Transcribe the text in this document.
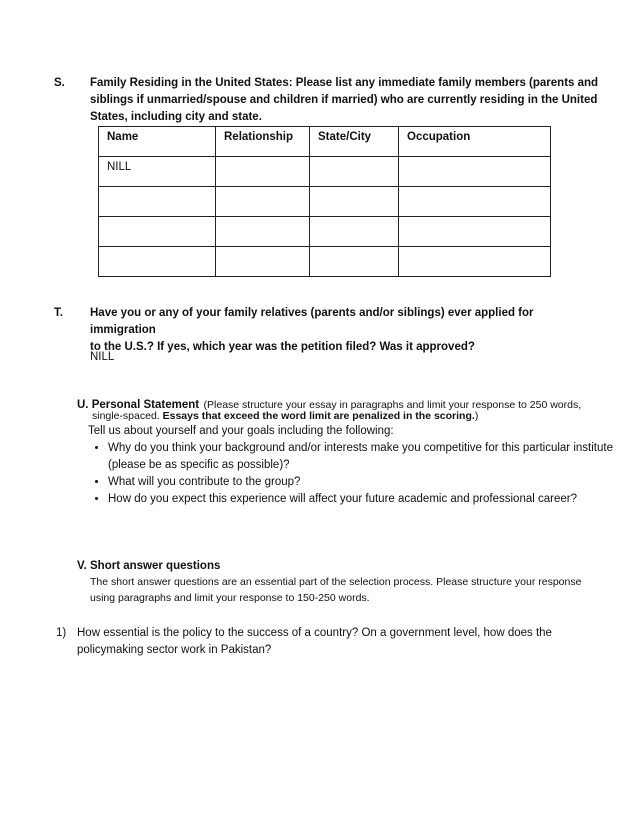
S. Family Residing in the United States: Please list any immediate family members (parents and
siblings if unmarried/spouse and children if married) who are currently residing in the United
States, including city and state.
Name	Relationship	State/City	Occupation
NILL			

T. Have you or any of your family relatives (parents and/or siblings) ever applied for immigration
to the U.S.? If yes, which year was the petition filed? Was it approved?
NILL
U. Personal Statement (Please structure your essay in paragraphs and limit your response to 250 words,
single-spaced. Essays that exceed the word limit are penalized in the scoring.)
Tell us about yourself and your goals including the following:
• Why do you think your background and/or interests make you competitive for this particular institute (please be as specific as possible)?
• What will you contribute to the group?
• How do you expect this experience will affect your future academic and professional career?
V. Short answer questions
The short answer questions are an essential part of the selection process. Please structure your response
using paragraphs and limit your response to 150-250 words.
1) How essential is the policy to the success of a country? On a government level, how does the
policymaking sector work in Pakistan?
